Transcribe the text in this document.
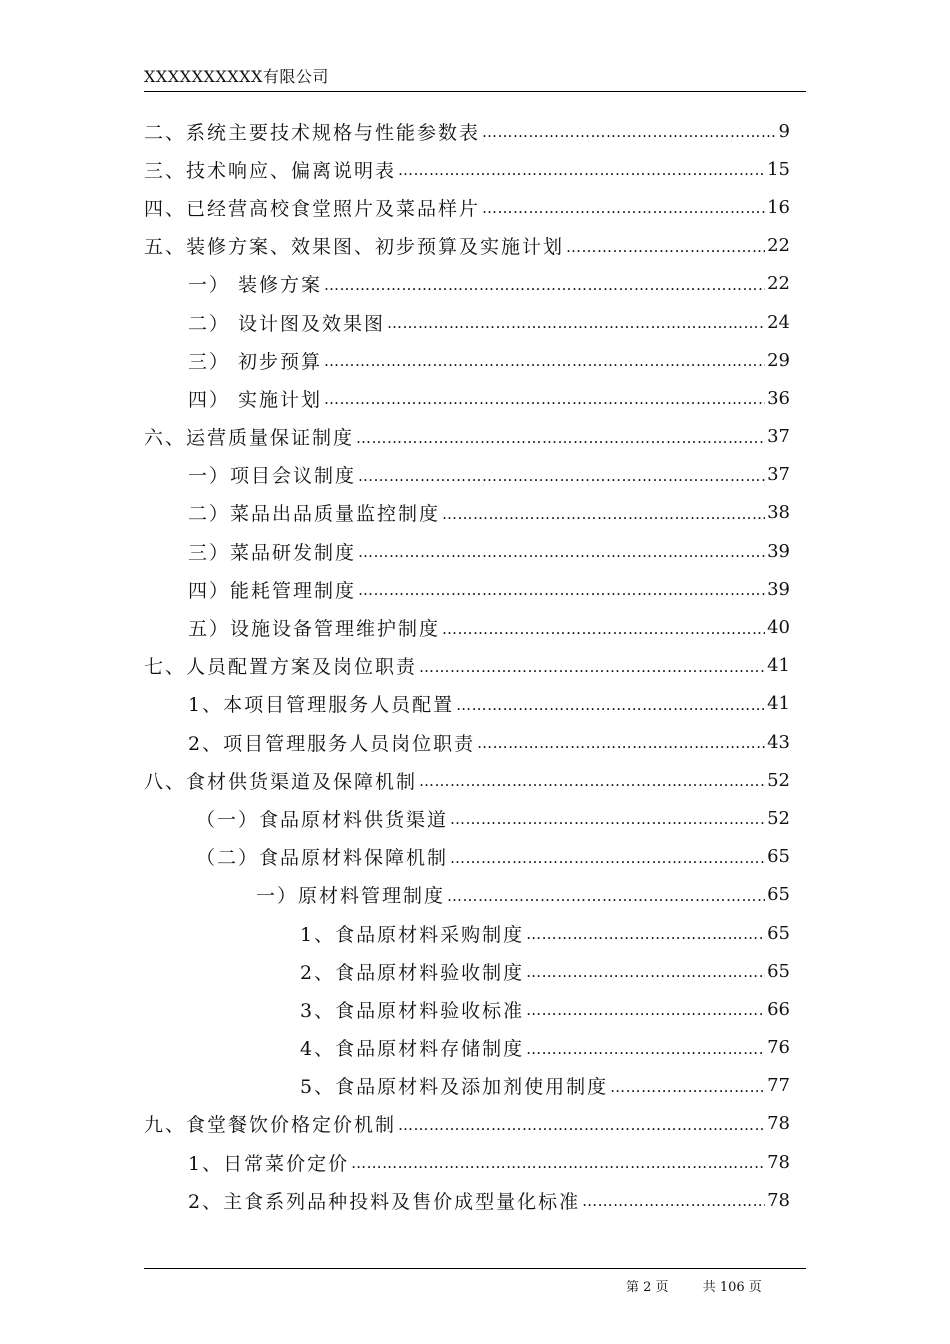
XXXXXXXXXX有限公司
二、系统主要技术规格与性能参数表 …………………………………………………………………………………………………………………………………………	9
三、技术响应、偏离说明表 …………………………………………………………………………………………………………………………………………	15
四、已经营高校食堂照片及菜品样片 …………………………………………………………………………………………………………………………………………	16
五、装修方案、效果图、初步预算及实施计划 …………………………………………………………………………………………………………………………………………	22
一） 装修方案 …………………………………………………………………………………………………………………………………………	22
二） 设计图及效果图 …………………………………………………………………………………………………………………………………………	24
三） 初步预算 …………………………………………………………………………………………………………………………………………	29
四） 实施计划 …………………………………………………………………………………………………………………………………………	36
六、运营质量保证制度 …………………………………………………………………………………………………………………………………………	37
一）项目会议制度 …………………………………………………………………………………………………………………………………………	37
二）菜品出品质量监控制度 …………………………………………………………………………………………………………………………………………	38
三）菜品研发制度 …………………………………………………………………………………………………………………………………………	39
四）能耗管理制度 …………………………………………………………………………………………………………………………………………	39
五）设施设备管理维护制度 …………………………………………………………………………………………………………………………………………	40
七、人员配置方案及岗位职责 …………………………………………………………………………………………………………………………………………	41
1、本项目管理服务人员配置 …………………………………………………………………………………………………………………………………………	41
2、项目管理服务人员岗位职责 …………………………………………………………………………………………………………………………………………	43
八、食材供货渠道及保障机制 …………………………………………………………………………………………………………………………………………	52
（一）食品原材料供货渠道 …………………………………………………………………………………………………………………………………………	52
（二）食品原材料保障机制 …………………………………………………………………………………………………………………………………………	65
一）原材料管理制度 …………………………………………………………………………………………………………………………………………	65
1、食品原材料采购制度 …………………………………………………………………………………………………………………………………………	65
2、食品原材料验收制度 …………………………………………………………………………………………………………………………………………	65
3、食品原材料验收标准 …………………………………………………………………………………………………………………………………………	66
4、食品原材料存储制度 …………………………………………………………………………………………………………………………………………	76
5、食品原材料及添加剂使用制度 …………………………………………………………………………………………………………………………………………	77
九、食堂餐饮价格定价机制 …………………………………………………………………………………………………………………………………………	78
1、日常菜价定价 …………………………………………………………………………………………………………………………………………	78
2、主食系列品种投料及售价成型量化标准 …………………………………………………………………………………………………………………………………………	78
第 2 页	共 106 页
